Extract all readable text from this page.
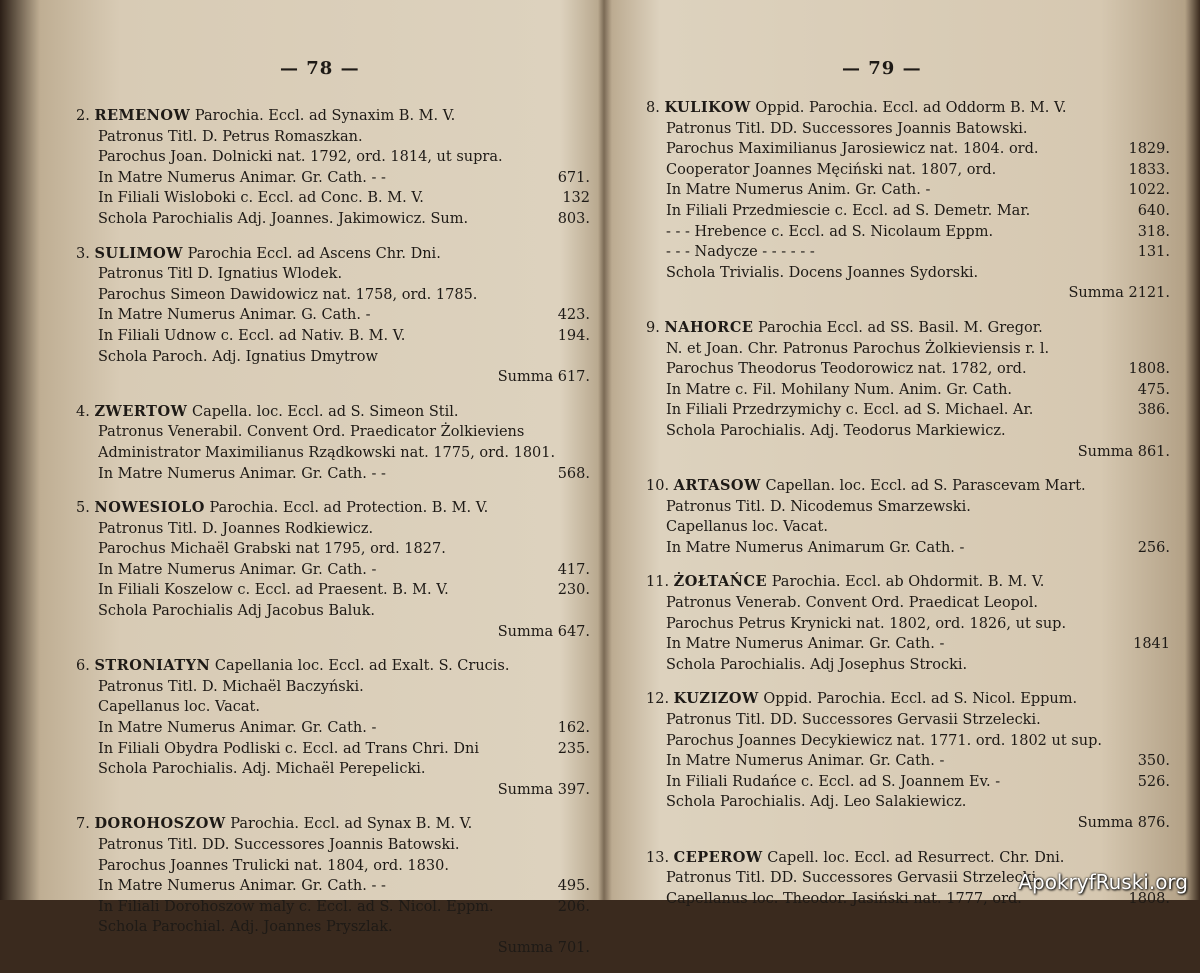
— 78 —
2. REMENOW Parochia. Eccl. ad Synaxim B. M. V.
Patronus Titl. D. Petrus Romaszkan.
Parochus Joan. Dolnicki nat. 1792, ord. 1814, ut supra.
In Matre Numerus Animar. Gr. Cath. - -	671.
In Filiali Wisloboki c. Eccl. ad Conc. B. M. V.	132
Schola Parochialis Adj. Joannes. Jakimowicz. Sum.	803.
3. SULIMOW Parochia Eccl. ad Ascens Chr. Dni.
Patronus Titl D. Ignatius Wlodek.
Parochus Simeon Dawidowicz nat. 1758, ord. 1785.
In Matre Numerus Animar. G. Cath. -	423.
In Filiali Udnow c. Eccl. ad Nativ. B. M. V.	194.
Schola Paroch. Adj. Ignatius Dmytrow
Summa 617.
4. ZWERTOW Capella. loc. Eccl. ad S. Simeon Stil.
Patronus Venerabil. Convent Ord. Praedicator Żolkieviens
Administrator Maximilianus Rządkowski nat. 1775, ord. 1801.
In Matre Numerus Animar. Gr. Cath. - -	568.
5. NOWESIOLO Parochia. Eccl. ad Protection. B. M. V.
Patronus Titl. D. Joannes Rodkiewicz.
Parochus Michaël Grabski nat 1795, ord. 1827.
In Matre Numerus Animar. Gr. Cath. -	417.
In Filiali Koszelow c. Eccl. ad Praesent. B. M. V.	230.
Schola Parochialis Adj Jacobus Baluk.
Summa 647.
6. STRONIATYN Capellania loc. Eccl. ad Exalt. S. Crucis.
Patronus Titl. D. Michaël Baczyński.
Capellanus loc. Vacat.
In Matre Numerus Animar. Gr. Cath. -	162.
In Filiali Obydra Podliski c. Eccl. ad Trans Chri. Dni	235.
Schola Parochialis. Adj. Michaël Perepelicki.
Summa 397.
7. DOROHOSZOW Parochia. Eccl. ad Synax B. M. V.
Patronus Titl. DD. Successores Joannis Batowski.
Parochus Joannes Trulicki nat. 1804, ord. 1830.
In Matre Numerus Animar. Gr. Cath. - -	495.
In Filiali Dorohoszow maly c. Eccl. ad S. Nicol. Eppm.	206.
Schola Parochial. Adj. Joannes Pryszlak.
Summa 701.
— 79 —
8. KULIKOW Oppid. Parochia. Eccl. ad Oddorm B. M. V.
Patronus Titl. DD. Successores Joannis Batowski.
Parochus Maximilianus Jarosiewicz nat. 1804. ord.	1829.
Cooperator Joannes Męciński nat. 1807, ord.	1833.
In Matre Numerus Anim. Gr. Cath. -	1022.
In Filiali Przedmiescie c. Eccl. ad S. Demetr. Mar.	640.
- - - Hrebence c. Eccl. ad S. Nicolaum Eppm.	318.
- - - Nadycze - - - - - -	131.
Schola Trivialis. Docens Joannes Sydorski.
Summa 2121.
9. NAHORCE Parochia Eccl. ad SS. Basil. M. Gregor.
N. et Joan. Chr. Patronus Parochus Żolkieviensis r. l.
Parochus Theodorus Teodorowicz nat. 1782, ord.	1808.
In Matre c. Fil. Mohilany Num. Anim. Gr. Cath.	475.
In Filiali Przedrzymichy c. Eccl. ad S. Michael. Ar.	386.
Schola Parochialis. Adj. Teodorus Markiewicz.
Summa 861.
10. ARTASOW Capellan. loc. Eccl. ad S. Parascevam Mart.
Patronus Titl. D. Nicodemus Smarzewski.
Capellanus loc. Vacat.
In Matre Numerus Animarum Gr. Cath. -	256.
11. ŻOŁTAŃCE Parochia. Eccl. ab Ohdormit. B. M. V.
Patronus Venerab. Convent Ord. Praedicat Leopol.
Parochus Petrus Krynicki nat. 1802, ord. 1826, ut sup.
In Matre Numerus Animar. Gr. Cath. -	1841
Schola Parochialis. Adj Josephus Strocki.
12. KUZIZOW Oppid. Parochia. Eccl. ad S. Nicol. Eppum.
Patronus Titl. DD. Successores Gervasii Strzelecki.
Parochus Joannes Decykiewicz nat. 1771. ord. 1802 ut sup.
In Matre Numerus Animar. Gr. Cath. -	350.
In Filiali Rudańce c. Eccl. ad S. Joannem Ev. -	526.
Schola Parochialis. Adj. Leo Salakiewicz.
Summa 876.
13. CEPEROW Capell. loc. Eccl. ad Resurrect. Chr. Dni.
Patronus Titl. DD. Successores Gervasii Strzelecki.
Capellanus loc. Theodor. Jasiński nat. 1777, ord.	1808.
ApokryfRuski.org
